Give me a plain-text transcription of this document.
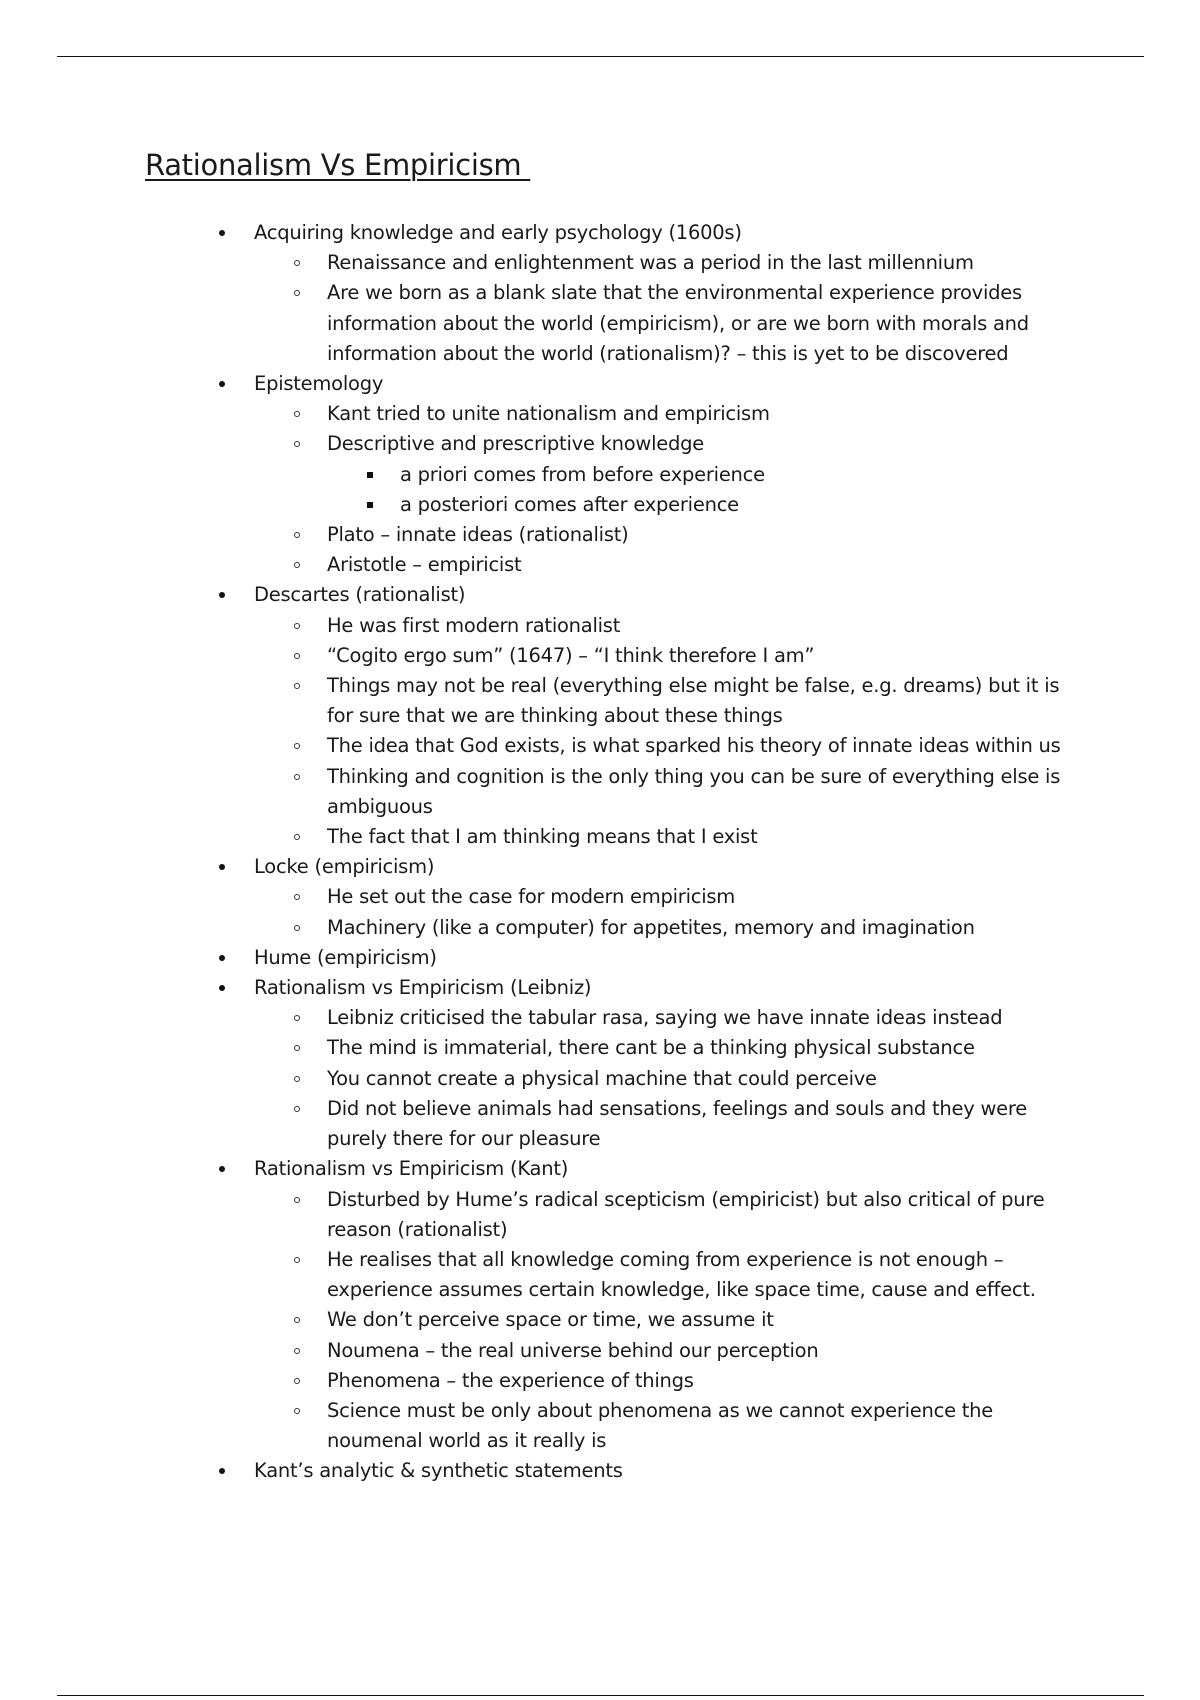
Rationalism Vs Empiricism
Acquiring knowledge and early psychology (1600s)
Renaissance and enlightenment was a period in the last millennium
Are we born as a blank slate that the environmental experience provides information about the world (empiricism), or are we born with morals and information about the world (rationalism)? – this is yet to be discovered
Epistemology
Kant tried to unite nationalism and empiricism
Descriptive and prescriptive knowledge
a priori comes from before experience
a posteriori comes after experience
Plato – innate ideas (rationalist)
Aristotle – empiricist
Descartes (rationalist)
He was first modern rationalist
“Cogito ergo sum” (1647) – “I think therefore I am”
Things may not be real (everything else might be false, e.g. dreams) but it is for sure that we are thinking about these things
The idea that God exists, is what sparked his theory of innate ideas within us
Thinking and cognition is the only thing you can be sure of everything else is ambiguous
The fact that I am thinking means that I exist
Locke (empiricism)
He set out the case for modern empiricism
Machinery (like a computer) for appetites, memory and imagination
Hume (empiricism)
Rationalism vs Empiricism (Leibniz)
Leibniz criticised the tabular rasa, saying we have innate ideas instead
The mind is immaterial, there cant be a thinking physical substance
You cannot create a physical machine that could perceive
Did not believe animals had sensations, feelings and souls and they were purely there for our pleasure
Rationalism vs Empiricism (Kant)
Disturbed by Hume’s radical scepticism (empiricist) but also critical of pure reason (rationalist)
He realises that all knowledge coming from experience is not enough – experience assumes certain knowledge, like space time, cause and effect.
We don’t perceive space or time, we assume it
Noumena – the real universe behind our perception
Phenomena – the experience of things
Science must be only about phenomena as we cannot experience the noumenal world as it really is
Kant’s analytic & synthetic statements
